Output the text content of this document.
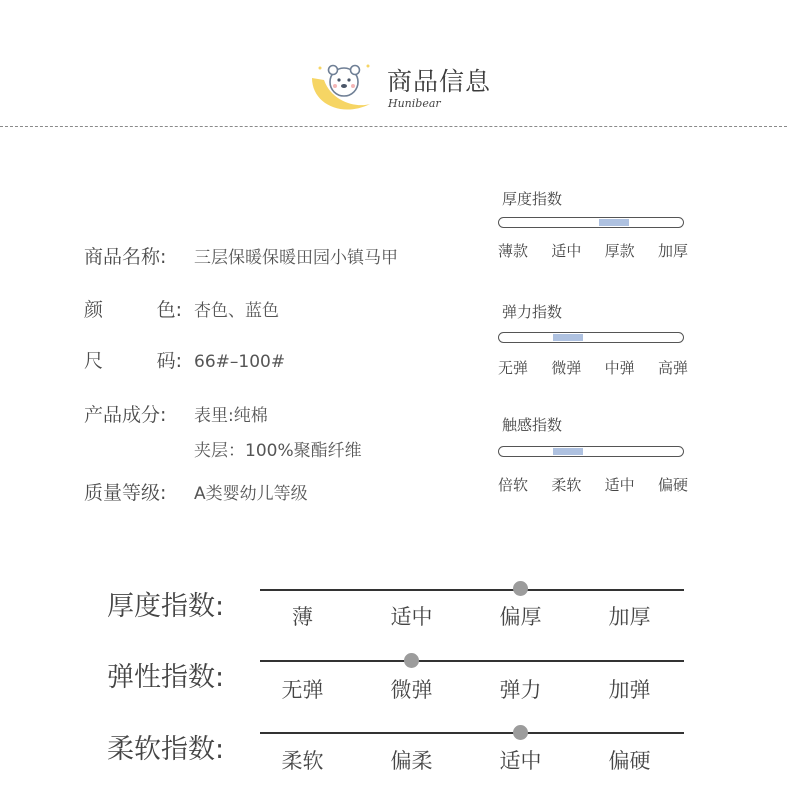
商品信息
Hunibear
商品名称: 三层保暖保暖田园小镇马甲
颜	色: 杏色、蓝色
尺	码: 66#–100#
产品成分: 表里:纯棉
夹层：100%聚酯纤维
质量等级: A类婴幼儿等级
厚度指数
薄款 适中 厚款 加厚
弹力指数
无弹 微弹 中弹 高弹
触感指数
倍软 柔软 适中 偏硬
厚度指数:	薄	适中	偏厚	加厚
弹性指数:	无弹	微弹	弹力	加弹
柔软指数:	柔软	偏柔	适中	偏硬
